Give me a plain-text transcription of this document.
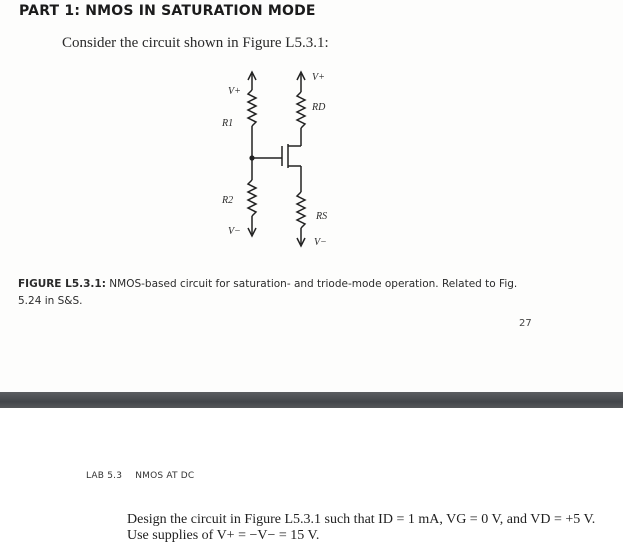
PART 1: NMOS IN SATURATION MODE
Consider the circuit shown in Figure L5.3.1:
V+
R1
R2
V−
V+
RD
RS
V−
FIGURE L5.3.1: NMOS-based circuit for saturation- and triode-mode operation. Related to Fig. 5.24 in S&S.
27
LAB 5.3 NMOS AT DC
Design the circuit in Figure L5.3.1 such that ID = 1 mA, VG = 0 V, and VD = +5 V. Use supplies of V+ = −V− = 15 V.
